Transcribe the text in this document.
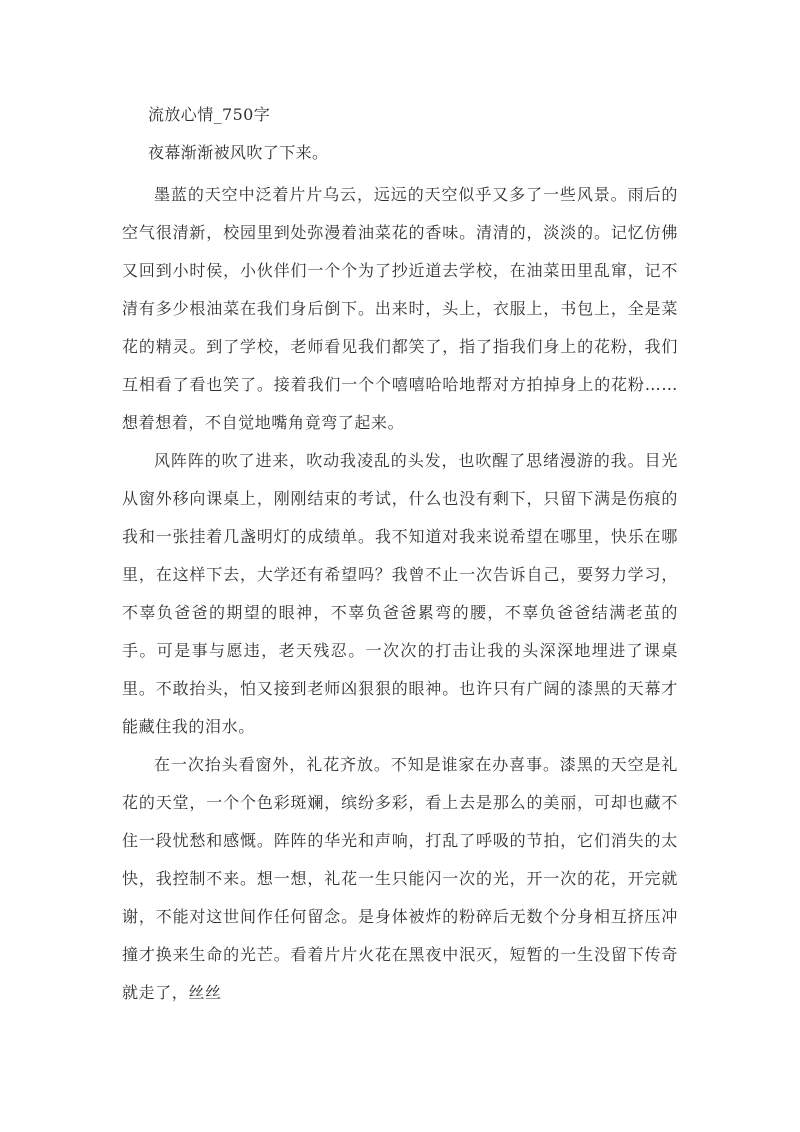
流放心情_750字

夜幕渐渐被风吹了下来。

墨蓝的天空中泛着片片乌云，远远的天空似乎又多了一些风景。雨后的空气很清新，校园里到处弥漫着油菜花的香味。清清的，淡淡的。记忆仿佛又回到小时侯，小伙伴们一个个为了抄近道去学校，在油菜田里乱窜，记不清有多少根油菜在我们身后倒下。出来时，头上，衣服上，书包上，全是菜花的精灵。到了学校，老师看见我们都笑了，指了指我们身上的花粉，我们互相看了看也笑了。接着我们一个个嘻嘻哈哈地帮对方拍掉身上的花粉……想着想着，不自觉地嘴角竟弯了起来。

风阵阵的吹了进来，吹动我凌乱的头发，也吹醒了思绪漫游的我。目光从窗外移向课桌上，刚刚结束的考试，什么也没有剩下，只留下满是伤痕的我和一张挂着几盏明灯的成绩单。我不知道对我来说希望在哪里，快乐在哪里，在这样下去，大学还有希望吗？我曾不止一次告诉自己，要努力学习，不辜负爸爸的期望的眼神，不辜负爸爸累弯的腰，不辜负爸爸结满老茧的手。可是事与愿违，老天残忍。一次次的打击让我的头深深地埋进了课桌里。不敢抬头，怕又接到老师凶狠狠的眼神。也许只有广阔的漆黑的天幕才能藏住我的泪水。

在一次抬头看窗外，礼花齐放。不知是谁家在办喜事。漆黑的天空是礼花的天堂，一个个色彩斑斓，缤纷多彩，看上去是那么的美丽，可却也藏不住一段忧愁和感慨。阵阵的华光和声响，打乱了呼吸的节拍，它们消失的太快，我控制不来。想一想，礼花一生只能闪一次的光，开一次的花，开完就谢，不能对这世间作任何留念。是身体被炸的粉碎后无数个分身相互挤压冲撞才换来生命的光芒。看着片片火花在黑夜中泯灭，短暂的一生没留下传奇就走了，丝丝
